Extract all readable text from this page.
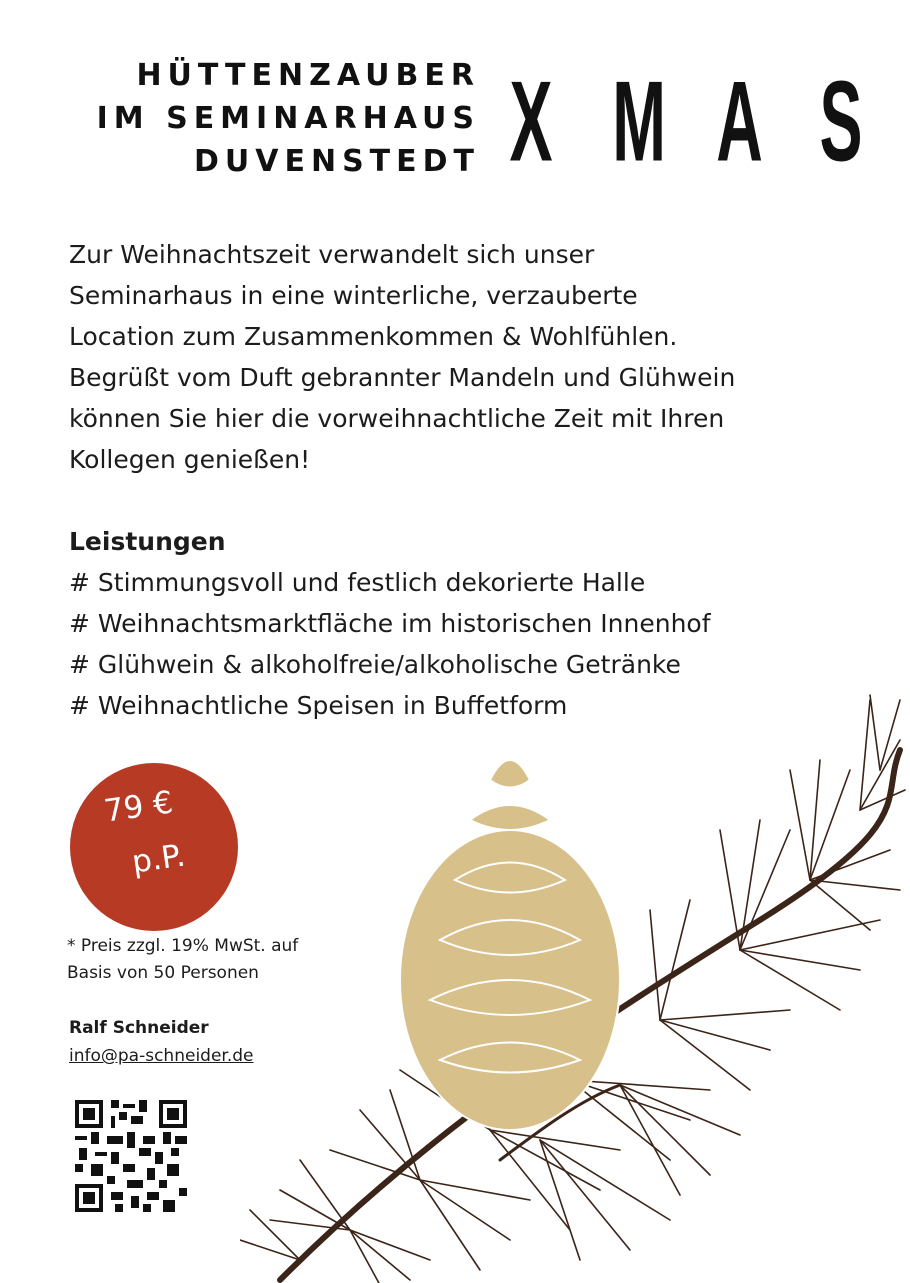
HÜTTENZAUBER
IM SEMINARHAUS
DUVENSTEDT X M A S
Zur Weihnachtszeit verwandelt sich unser
Seminarhaus in eine winterliche, verzauberte
Location zum Zusammenkommen & Wohlfühlen.
Begrüßt vom Duft gebrannter Mandeln und Glühwein
können Sie hier die vorweihnachtliche Zeit mit Ihren
Kollegen genießen!
Leistungen
# Stimmungsvoll und festlich dekorierte Halle
# Weihnachtsmarktfläche im historischen Innenhof
# Glühwein & alkoholfreie/alkoholische Getränke
# Weihnachtliche Speisen in Buffetform
79 €
p.P.
* Preis zzgl. 19% MwSt. auf
Basis von 50 Personen
Ralf Schneider
info@pa-schneider.de
